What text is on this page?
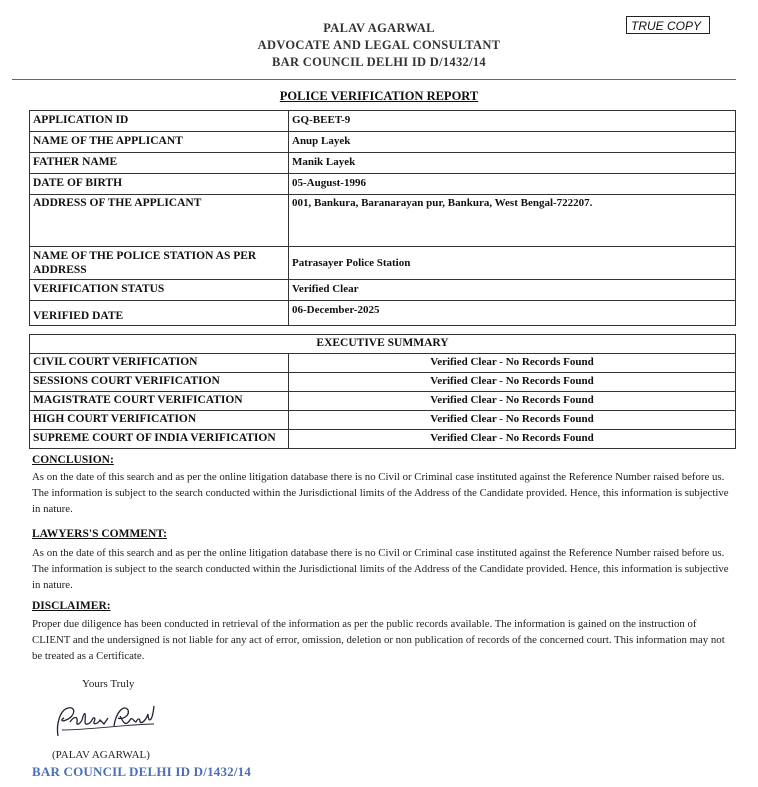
PALAV AGARWAL
ADVOCATE AND LEGAL CONSULTANT
BAR COUNCIL DELHI ID D/1432/14
TRUE COPY
POLICE VERIFICATION REPORT
APPLICATION ID	GQ-BEET-9
NAME OF THE APPLICANT	Anup Layek
FATHER NAME	Manik Layek
DATE OF BIRTH	05-August-1996
ADDRESS OF THE APPLICANT	001, Bankura, Baranarayan pur, Bankura, West Bengal-722207.
NAME OF THE POLICE STATION AS PER ADDRESS	Patrasayer Police Station
VERIFICATION STATUS	Verified Clear
VERIFIED DATE	06-December-2025
EXECUTIVE SUMMARY	
CIVIL COURT VERIFICATION	Verified Clear - No Records Found
SESSIONS COURT VERIFICATION	Verified Clear - No Records Found
MAGISTRATE COURT VERIFICATION	Verified Clear - No Records Found
HIGH COURT VERIFICATION	Verified Clear - No Records Found
SUPREME COURT OF INDIA VERIFICATION	Verified Clear - No Records Found
CONCLUSION:
As on the date of this search and as per the online litigation database there is no Civil or Criminal case instituted against the Reference Number raised before us. The information is subject to the search conducted within the Jurisdictional limits of the Address of the Candidate provided. Hence, this information is subjective in nature.
LAWYERS'S COMMENT:
As on the date of this search and as per the online litigation database there is no Civil or Criminal case instituted against the Reference Number raised before us. The information is subject to the search conducted within the Jurisdictional limits of the Address of the Candidate provided. Hence, this information is subjective in nature.
DISCLAIMER:
Proper due diligence has been conducted in retrieval of the information as per the public records available. The information is gained on the instruction of CLIENT and the undersigned is not liable for any act of error, omission, deletion or non publication of records of the concerned court. This information may not be treated as a Certificate.
Yours Truly
(PALAV AGARWAL)
BAR COUNCIL DELHI ID D/1432/14
